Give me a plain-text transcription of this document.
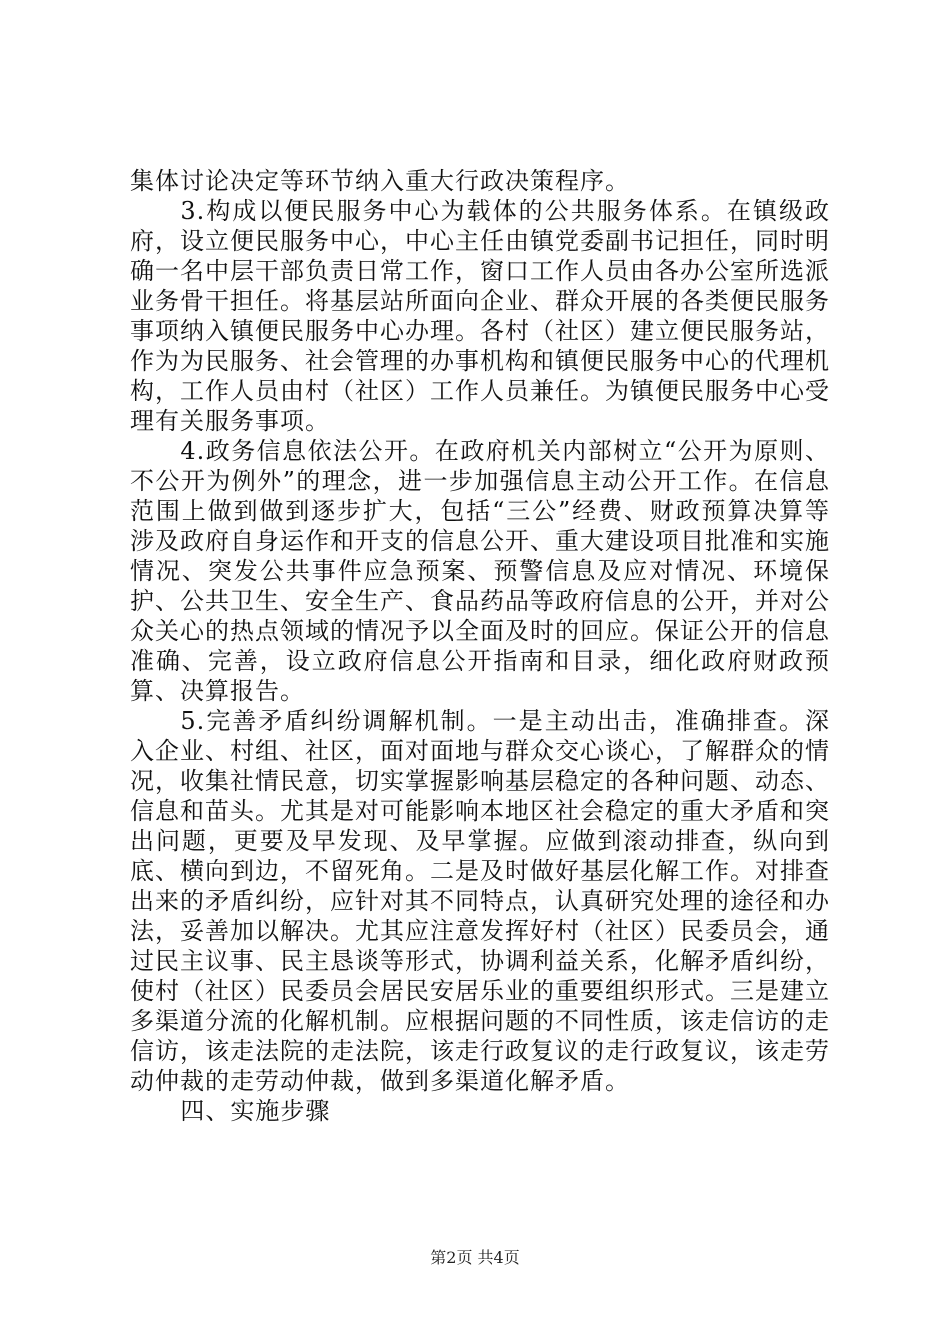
集体讨论决定等环节纳入重大行政决策程序。

3.构成以便民服务中心为载体的公共服务体系。在镇级政府，设立便民服务中心，中心主任由镇党委副书记担任，同时明确一名中层干部负责日常工作，窗口工作人员由各办公室所选派业务骨干担任。将基层站所面向企业、群众开展的各类便民服务事项纳入镇便民服务中心办理。各村（社区）建立便民服务站，作为为民服务、社会管理的办事机构和镇便民服务中心的代理机构，工作人员由村（社区）工作人员兼任。为镇便民服务中心受理有关服务事项。

4.政务信息依法公开。在政府机关内部树立“公开为原则、不公开为例外”的理念，进一步加强信息主动公开工作。在信息范围上做到做到逐步扩大，包括“三公”经费、财政预算决算等涉及政府自身运作和开支的信息公开、重大建设项目批准和实施情况、突发公共事件应急预案、预警信息及应对情况、环境保护、公共卫生、安全生产、食品药品等政府信息的公开，并对公众关心的热点领域的情况予以全面及时的回应。保证公开的信息准确、完善，设立政府信息公开指南和目录，细化政府财政预算、决算报告。

5.完善矛盾纠纷调解机制。一是主动出击，准确排查。深入企业、村组、社区，面对面地与群众交心谈心，了解群众的情况，收集社情民意，切实掌握影响基层稳定的各种问题、动态、信息和苗头。尤其是对可能影响本地区社会稳定的重大矛盾和突出问题，更要及早发现、及早掌握。应做到滚动排查，纵向到底、横向到边，不留死角。二是及时做好基层化解工作。对排查出来的矛盾纠纷，应针对其不同特点，认真研究处理的途径和办法，妥善加以解决。尤其应注意发挥好村（社区）民委员会，通过民主议事、民主恳谈等形式，协调利益关系，化解矛盾纠纷，使村（社区）民委员会居民安居乐业的重要组织形式。三是建立多渠道分流的化解机制。应根据问题的不同性质，该走信访的走信访，该走法院的走法院，该走行政复议的走行政复议，该走劳动仲裁的走劳动仲裁，做到多渠道化解矛盾。

四、实施步骤

第2页 共4页
